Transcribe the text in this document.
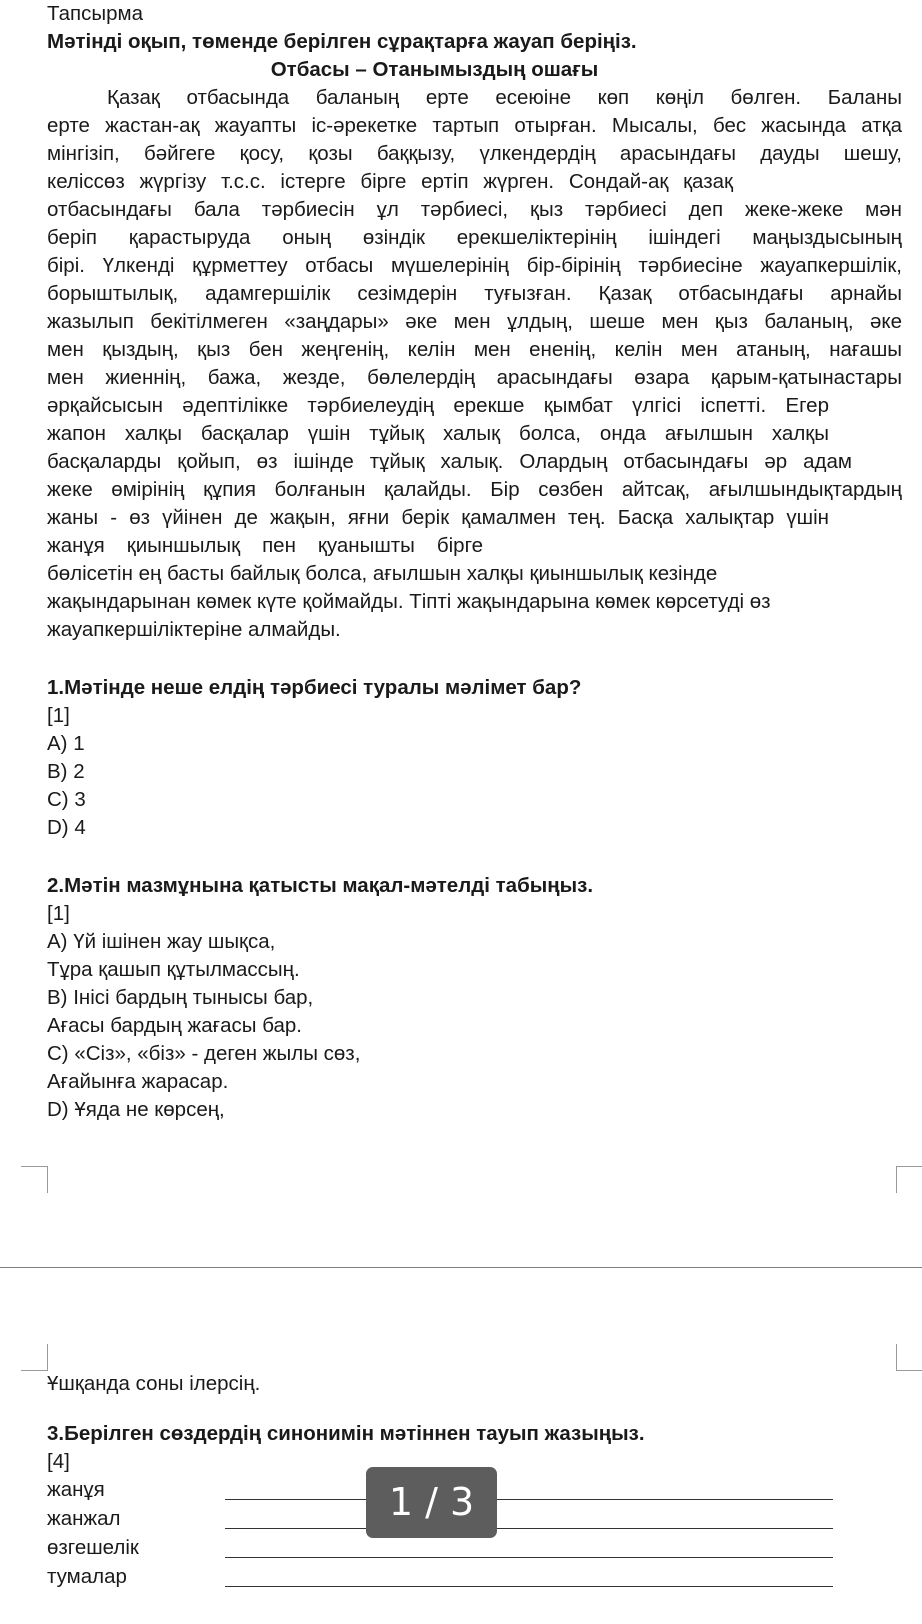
Тапсырма

Мәтінді оқып, төменде берілген сұрақтарға жауап беріңіз.

Отбасы – Отанымыздың ошағы

Қазақ отбасында баланың ерте есеюіне көп көңіл бөлген. Баланы

ерте жастан-ақ жауапты іс-әрекетке тартып отырған. Мысалы, бес жасында атқа

мінгізіп, бәйгеге қосу, қозы баққызу, үлкендердің арасындағы дауды шешу,

келіссөз жүргізу т.с.с. істерге бірге ертіп жүрген. Сондай-ақ қазақ

отбасындағы бала тәрбиесін ұл тәрбиесі, қыз тәрбиесі деп жеке-жеке мән

беріп қарастыруда оның өзіндік ерекшеліктерінің ішіндегі маңыздысының

бірі. Үлкенді құрметтеу отбасы мүшелерінің бір-бірінің тәрбиесіне жауапкершілік,

борыштылық, адамгершілік сезімдерін туғызған. Қазақ отбасындағы арнайы

жазылып бекітілмеген «заңдары» әке мен ұлдың, шеше мен қыз баланың, әке

мен қыздың, қыз бен жеңгенің, келін мен ененің, келін мен атаның, нағашы

мен жиеннің, бажа, жезде, бөлелердің арасындағы өзара қарым-қатынастары

әрқайсысын әдептілікке тәрбиелеудің ерекше қымбат үлгісі іспетті. Егер

жапон халқы басқалар үшін тұйық халық болса, онда ағылшын халқы

басқаларды қойып, өз ішінде тұйық халық. Олардың отбасындағы әр адам

жеке өмірінің құпия болғанын қалайды. Бір сөзбен айтсақ, ағылшындықтардың

жаны - өз үйінен де жақын, яғни берік қамалмен тең. Басқа халықтар үшін

жанұя қиыншылық пен қуанышты бірге

бөлісетін ең басты байлық болса, ағылшын халқы қиыншылық кезінде

жақындарынан көмек күте қоймайды. Тіпті жақындарына көмек көрсетуді өз

жауапкершіліктеріне алмайды.

1.Мәтінде неше елдің тәрбиесі туралы мәлімет бар?

[1]

А) 1

В) 2

С) 3

D) 4

2.Мәтін мазмұнына қатысты мақал-мәтелді табыңыз.

[1]

А) Үй ішінен жау шықса,

Тұра қашып құтылмассың.

В) Інісі бардың тынысы бар,

Ағасы бардың жағасы бар.

С) «Сіз», «біз» - деген жылы сөз,

Ағайынға жарасар.

D) Ұяда не көрсең,

Ұшқанда соны ілерсің.

3.Берілген сөздердің синонимін мәтіннен тауып жазыңыз.

[4]

жанұя
жанжал
өзгешелік
тумалар
1 / 3
